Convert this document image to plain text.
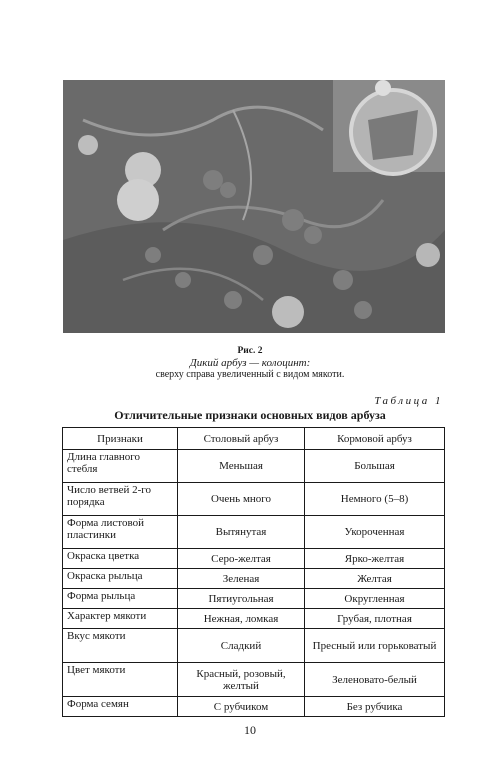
Рис. 2
Дикий арбуз — колоцинт:
сверху справа увеличенный с видом мякоти.
Таблица 1
Отличительные признаки основных видов арбуза
Признаки	Столовый арбуз	Кормовой арбуз
Длина главного стебля	Меньшая	Большая
Число ветвей 2-го порядка	Очень много	Немного (5–8)
Форма листовой пластинки	Вытянутая	Укороченная
Окраска цветка	Серо-желтая	Ярко-желтая
Окраска рыльца	Зеленая	Желтая
Форма рыльца	Пятиугольная	Округленная
Характер мякоти	Нежная, ломкая	Грубая, плотная
Вкус мякоти	Сладкий	Пресный или горьковатый
Цвет мякоти	Красный, розовый, желтый	Зеленовато-белый
Форма семян	С рубчиком	Без рубчика
10
